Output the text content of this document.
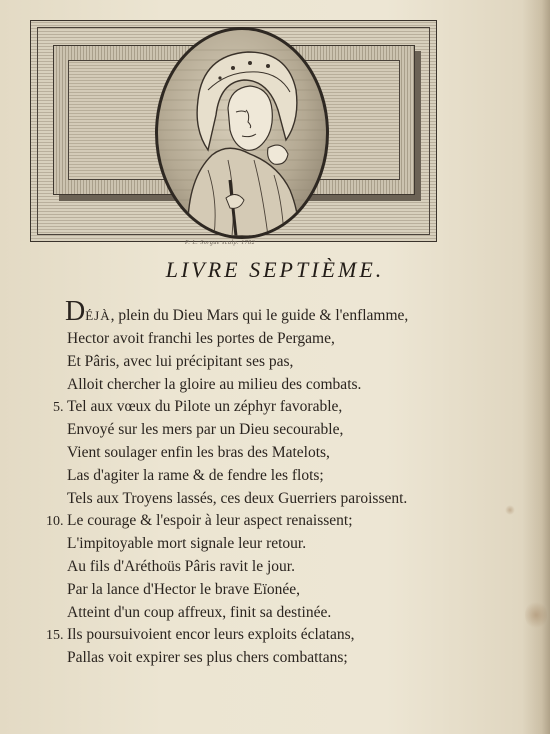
P. L. Sorgue sculp. 1782
LIVRE SEPTIÈME.
DÉJÀ, plein du Dieu Mars qui le guide & l'enflamme,
Hector avoit franchi les portes de Pergame,
Et Pâris, avec lui précipitant ses pas,
Alloit chercher la gloire au milieu des combats.
5. Tel aux vœux du Pilote un zéphyr favorable,
Envoyé sur les mers par un Dieu secourable,
Vient soulager enfin les bras des Matelots,
Las d'agiter la rame & de fendre les flots;
Tels aux Troyens lassés, ces deux Guerriers paroissent.
10. Le courage & l'espoir à leur aspect renaissent;
L'impitoyable mort signale leur retour.
Au fils d'Aréthoüs Pâris ravit le jour.
Par la lance d'Hector le brave Eïonée,
Atteint d'un coup affreux, finit sa destinée.
15. Ils poursuivoient encor leurs exploits éclatans,
Pallas voit expirer ses plus chers combattans;
